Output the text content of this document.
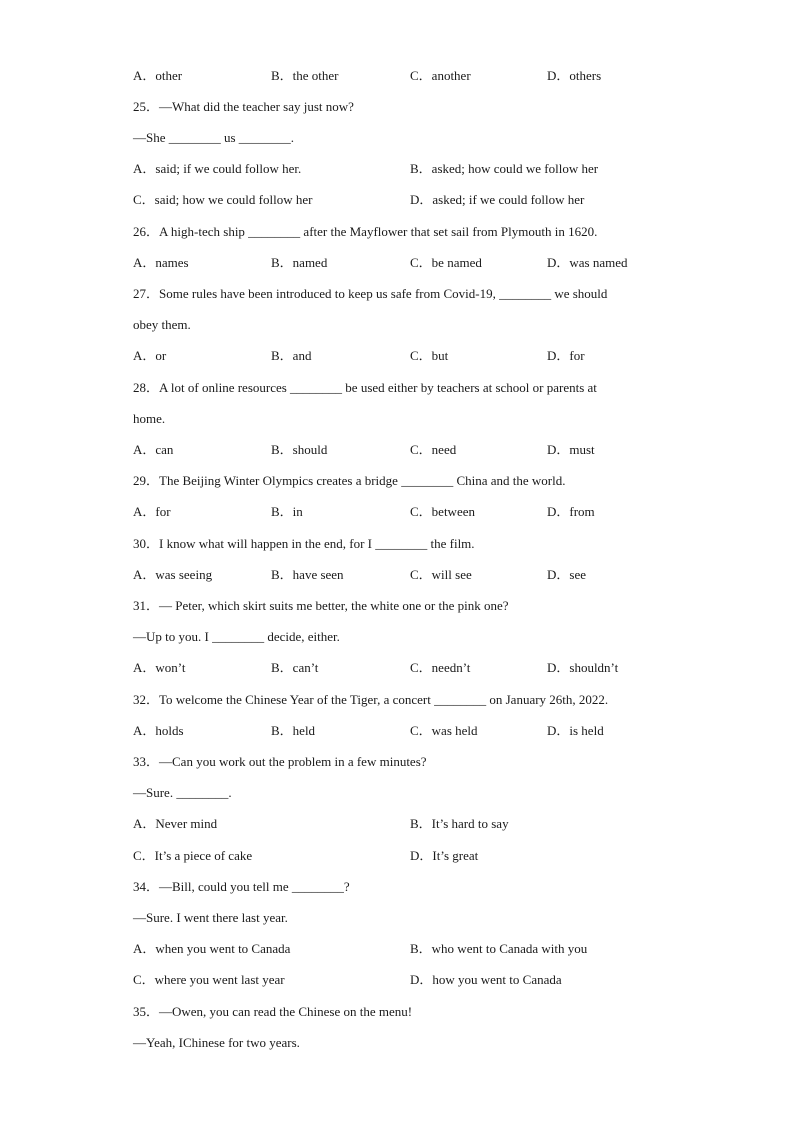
A．other	B．the other	C．another	D．others
25．—What did the teacher say just now?
—She ________ us ________.
A．said; if we could follow her.	B．asked; how could we follow her
C．said; how we could follow her	D．asked; if we could follow her
26．A high-tech ship ________ after the Mayflower that set sail from Plymouth in 1620.
A．names	B．named	C．be named	D．was named
27．Some rules have been introduced to keep us safe from Covid-19, ________ we should
obey them.
A．or	B．and	C．but	D．for
28．A lot of online resources ________ be used either by teachers at school or parents at
home.
A．can	B．should	C．need	D．must
29．The Beijing Winter Olympics creates a bridge ________ China and the world.
A．for	B．in	C．between	D．from
30．I know what will happen in the end, for I ________ the film.
A．was seeing	B．have seen	C．will see	D．see
31．— Peter, which skirt suits me better, the white one or the pink one?
—Up to you. I ________ decide, either.
A．won’t	B．can’t	C．needn’t	D．shouldn’t
32．To welcome the Chinese Year of the Tiger, a concert ________ on January 26th, 2022.
A．holds	B．held	C．was held	D．is held
33．—Can you work out the problem in a few minutes?
—Sure. ________.
A．Never mind	B．It’s hard to say
C．It’s a piece of cake	D．It’s great
34．—Bill, could you tell me ________?
—Sure. I went there last year.
A．when you went to Canada	B．who went to Canada with you
C．where you went last year	D．how you went to Canada
35．—Owen, you can read the Chinese on the menu!
—Yeah, IChinese for two years.
